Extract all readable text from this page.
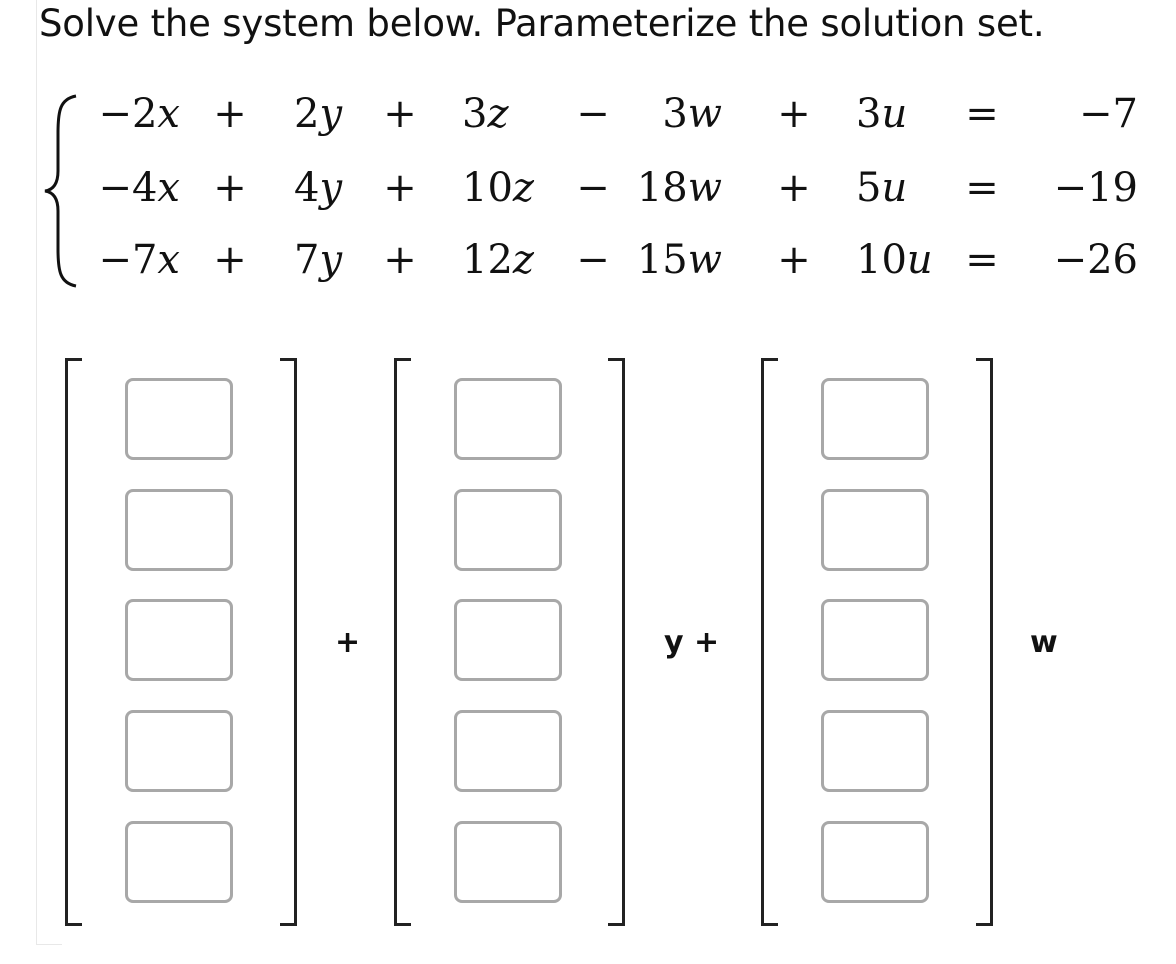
Solve the system below. Parameterize the solution set.
−2𝑥 + 2𝑦 + 3𝑧 −	3𝑤 + 3𝑢 =	−7
−4𝑥 + 4𝑦 + 10𝑧 − 18𝑤 + 5𝑢 =	−19
−7𝑥 + 7𝑦 + 12𝑧 − 15𝑤 + 10𝑢 =	−26
+	y +	w
